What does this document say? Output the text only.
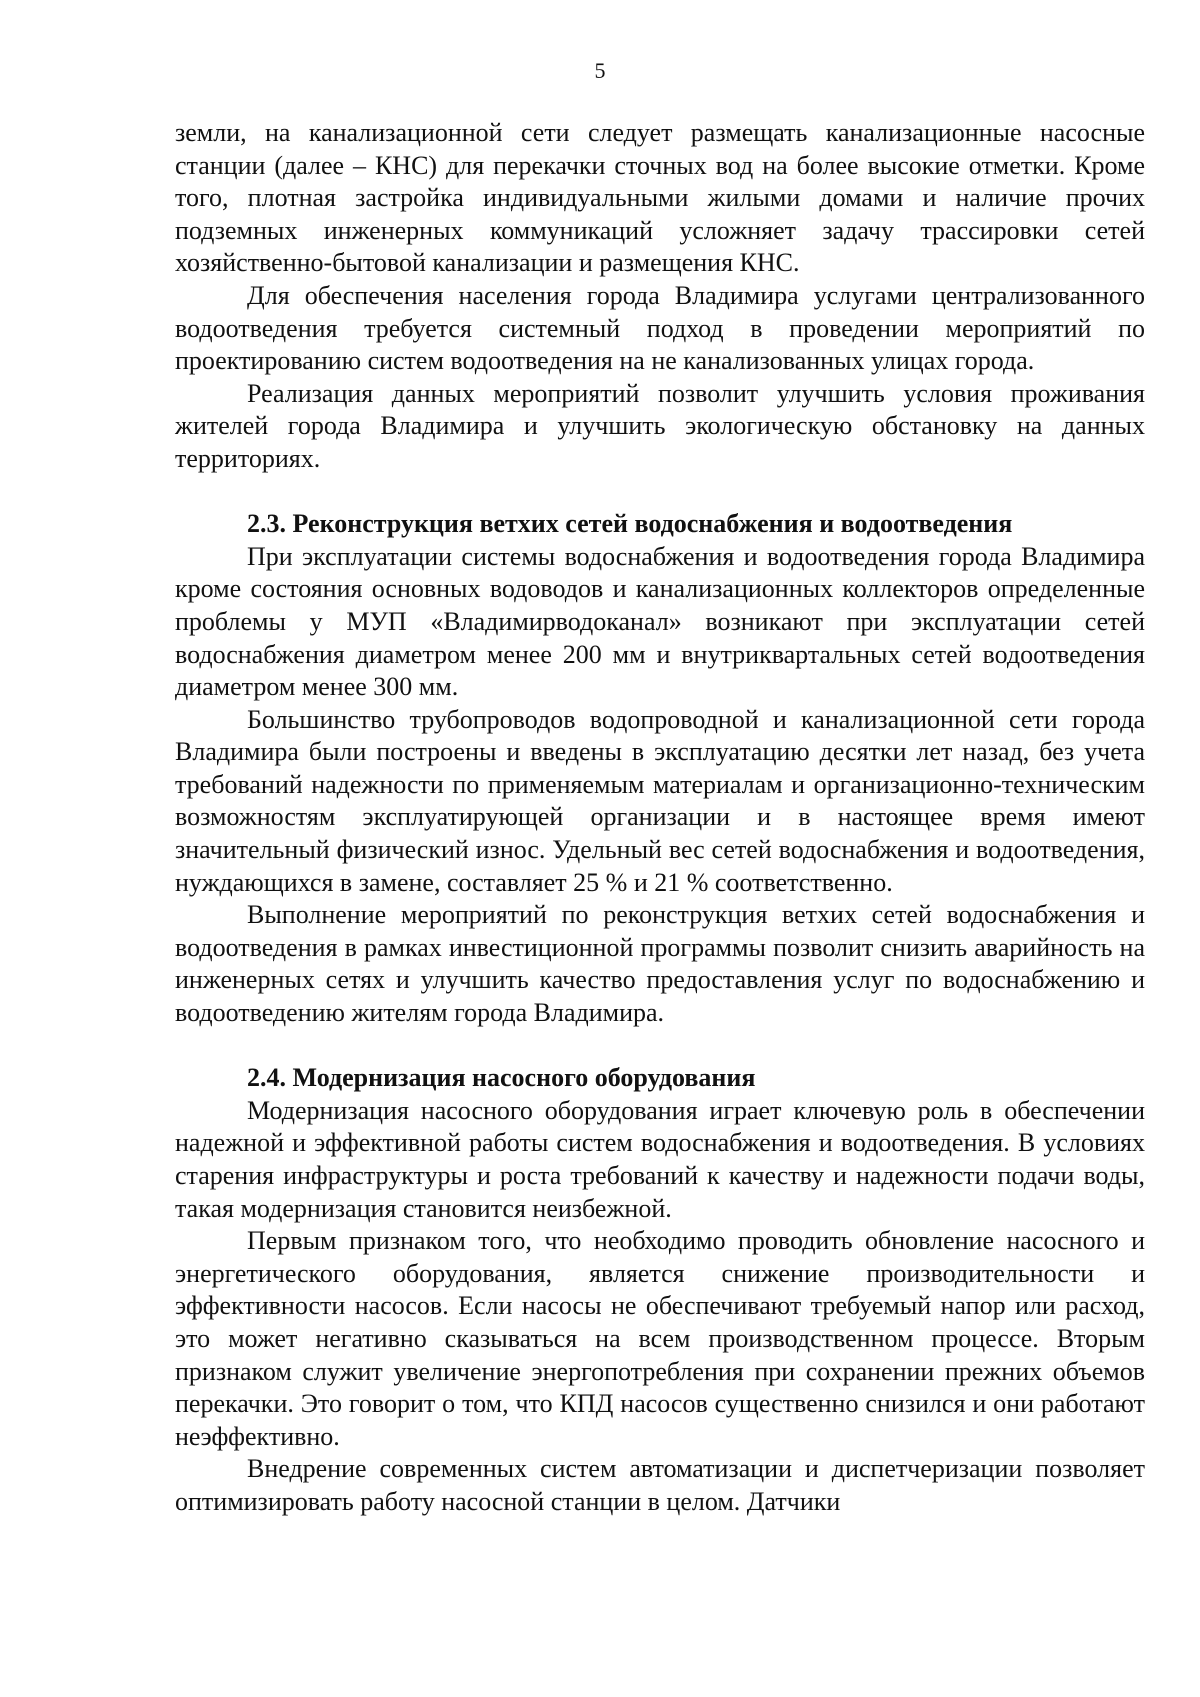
5

земли, на канализационной сети следует размещать канализационные насосные станции (далее – КНС) для перекачки сточных вод на более высокие отметки. Кроме того, плотная застройка индивидуальными жилыми домами и наличие прочих подземных инженерных коммуникаций усложняет задачу трассировки сетей хозяйственно-бытовой канализации и размещения КНС.

Для обеспечения населения города Владимира услугами централизованного водоотведения требуется системный подход в проведении мероприятий по проектированию систем водоотведения на не канализованных улицах города.

Реализация данных мероприятий позволит улучшить условия проживания жителей города Владимира и улучшить экологическую обстановку на данных территориях.

2.3. Реконструкция ветхих сетей водоснабжения и водоотведения

При эксплуатации системы водоснабжения и водоотведения города Владимира кроме состояния основных водоводов и канализационных коллекторов определенные проблемы у МУП «Владимирводоканал» возникают при эксплуатации сетей водоснабжения диаметром менее 200 мм и внутриквартальных сетей водоотведения диаметром менее 300 мм.

Большинство трубопроводов водопроводной и канализационной сети города Владимира были построены и введены в эксплуатацию десятки лет назад, без учета требований надежности по применяемым материалам и организационно-техническим возможностям эксплуатирующей организации и в настоящее время имеют значительный физический износ. Удельный вес сетей водоснабжения и водоотведения, нуждающихся в замене, составляет 25 % и 21 % соответственно.

Выполнение мероприятий по реконструкция ветхих сетей водоснабжения и водоотведения в рамках инвестиционной программы позволит снизить аварийность на инженерных сетях и улучшить качество предоставления услуг по водоснабжению и водоотведению жителям города Владимира.

2.4. Модернизация насосного оборудования

Модернизация насосного оборудования играет ключевую роль в обеспечении надежной и эффективной работы систем водоснабжения и водоотведения. В условиях старения инфраструктуры и роста требований к качеству и надежности подачи воды, такая модернизация становится неизбежной.

Первым признаком того, что необходимо проводить обновление насосного и энергетического оборудования, является снижение производительности и эффективности насосов. Если насосы не обеспечивают требуемый напор или расход, это может негативно сказываться на всем производственном процессе. Вторым признаком служит увеличение энергопотребления при сохранении прежних объемов перекачки. Это говорит о том, что КПД насосов существенно снизился и они работают неэффективно.

Внедрение современных систем автоматизации и диспетчеризации позволяет оптимизировать работу насосной станции в целом. Датчики
